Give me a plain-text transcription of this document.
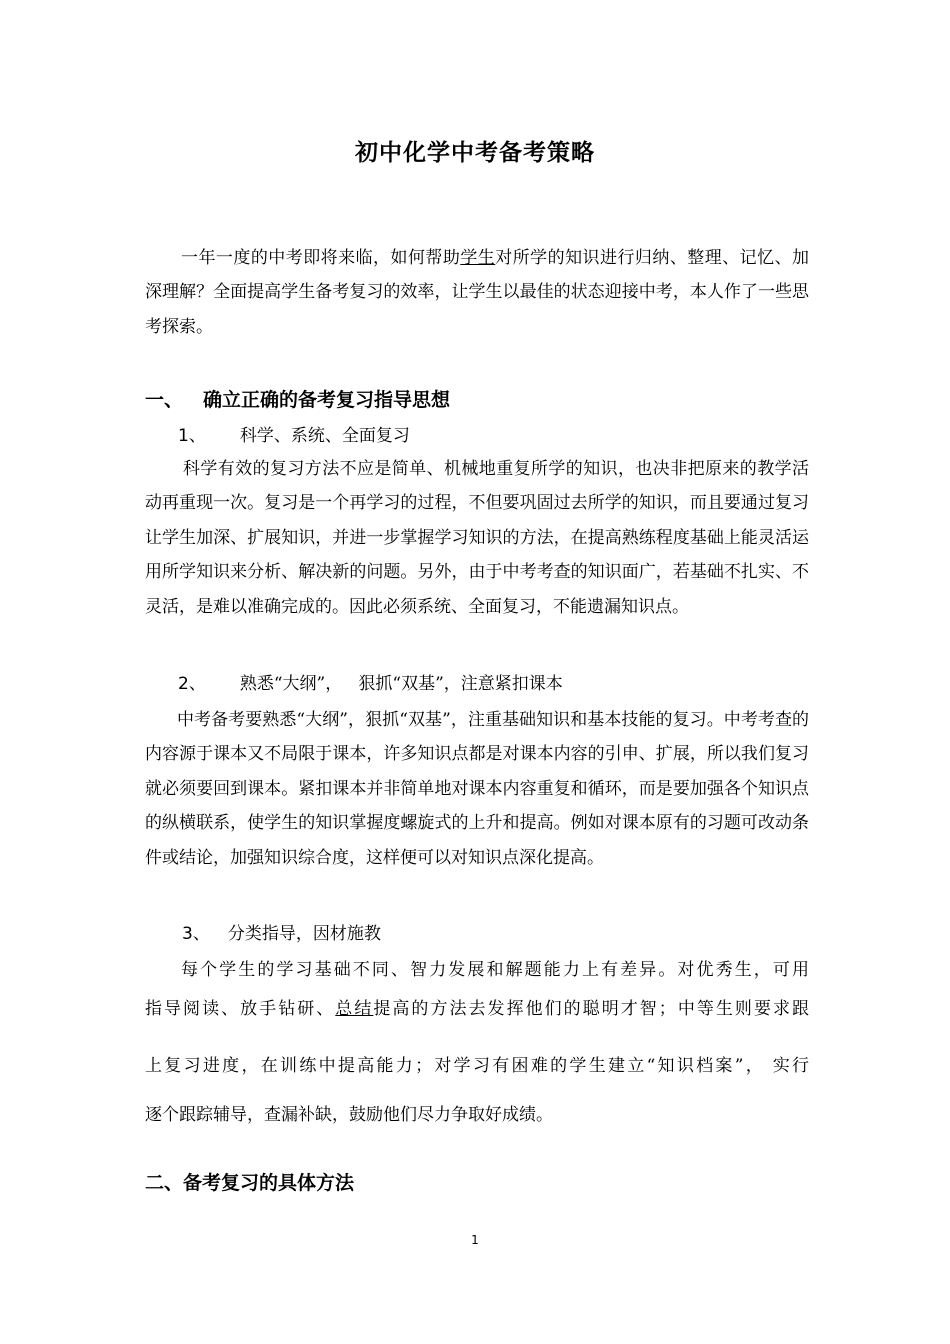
初中化学中考备考策略

一年一度的中考即将来临，如何帮助学生对所学的知识进行归纳、整理、记忆、加深理解？全面提高学生备考复习的效率，让学生以最佳的状态迎接中考，本人作了一些思考探索。

一、 确立正确的备考复习指导思想
1、 科学、系统、全面复习

科学有效的复习方法不应是简单、机械地重复所学的知识，也决非把原来的教学活动再重现一次。复习是一个再学习的过程，不但要巩固过去所学的知识，而且要通过复习让学生加深、扩展知识，并进一步掌握学习知识的方法，在提高熟练程度基础上能灵活运用所学知识来分析、解决新的问题。另外，由于中考考查的知识面广，若基础不扎实、不灵活，是难以准确完成的。因此必须系统、全面复习，不能遗漏知识点。

2、 熟悉“大纲”，   狠抓“双基”，注意紧扣课本

中考备考要熟悉“大纲”，狠抓“双基”，注重基础知识和基本技能的复习。中考考查的内容源于课本又不局限于课本，许多知识点都是对课本内容的引申、扩展，所以我们复习就必须要回到课本。紧扣课本并非简单地对课本内容重复和循环，而是要加强各个知识点的纵横联系，使学生的知识掌握度螺旋式的上升和提高。例如对课本原有的习题可改动条件或结论，加强知识综合度，这样便可以对知识点深化提高。

3、 分类指导，因材施教
每个学生的学习基础不同、智力发展和解题能力上有差异。对优秀生，可用
指导阅读、放手钻研、总结提高的方法去发挥他们的聪明才智；中等生则要求跟
上复习进度，在训练中提高能力；对学习有困难的学生建立“知识档案”， 实行
逐个跟踪辅导，查漏补缺，鼓励他们尽力争取好成绩。
二、备考复习的具体方法
1
